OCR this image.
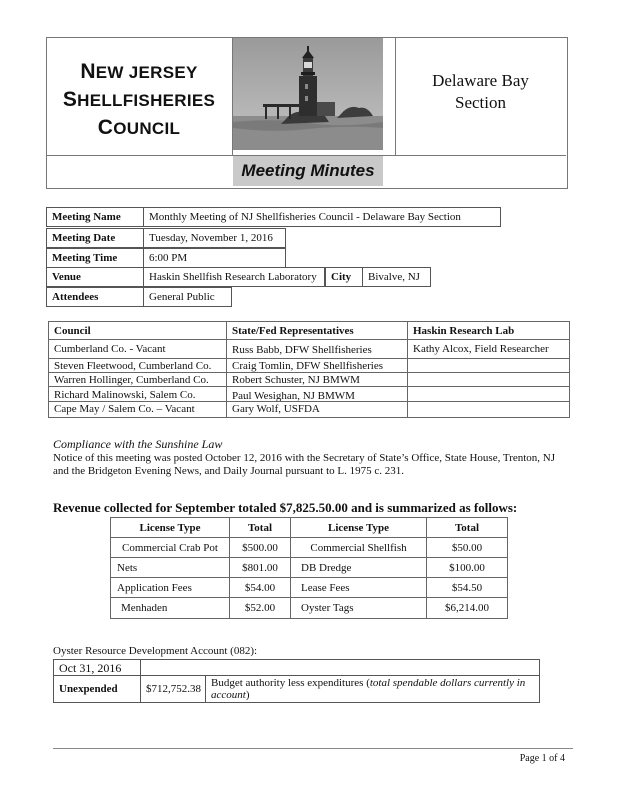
NEW JERSEY
SHELLFISHERIES
COUNCIL
Delaware Bay
Section
Meeting Minutes
Meeting Name	Monthly Meeting of NJ Shellfisheries Council - Delaware Bay Section
Meeting Date	Tuesday, November 1, 2016
Meeting Time	6:00 PM
Venue	Haskin Shellfish Research Laboratory	City	Bivalve, NJ
Attendees	General Public
Council	State/Fed Representatives	Haskin Research Lab
Cumberland Co. - Vacant	Russ Babb, DFW Shellfisheries	Kathy Alcox, Field Researcher
Steven Fleetwood, Cumberland Co.	Craig Tomlin, DFW Shellfisheries
Warren Hollinger, Cumberland Co.	Robert Schuster, NJ BMWM
Richard Malinowski, Salem Co.	Paul Wesighan, NJ BMWM
Cape May / Salem Co. – Vacant	Gary Wolf, USFDA
Compliance with the Sunshine Law
Notice of this meeting was posted October 12, 2016 with the Secretary of State’s Office, State House, Trenton, NJ
and the Bridgeton Evening News, and Daily Journal pursuant to L. 1975 c. 231.
Revenue collected for September totaled $7,825.50.00 and is summarized as follows:
License Type	Total	License Type	Total
Commercial Crab Pot	$500.00	Commercial Shellfish	$50.00
Nets	$801.00	DB Dredge	$100.00
Application Fees	$54.00	Lease Fees	$54.50
Menhaden	$52.00	Oyster Tags	$6,214.00
Oyster Resource Development Account (082):
Oct 31, 2016
Unexpended	$712,752.38 Budget authority less expenditures (total spendable dollars currently in account)
Page 1 of 4
